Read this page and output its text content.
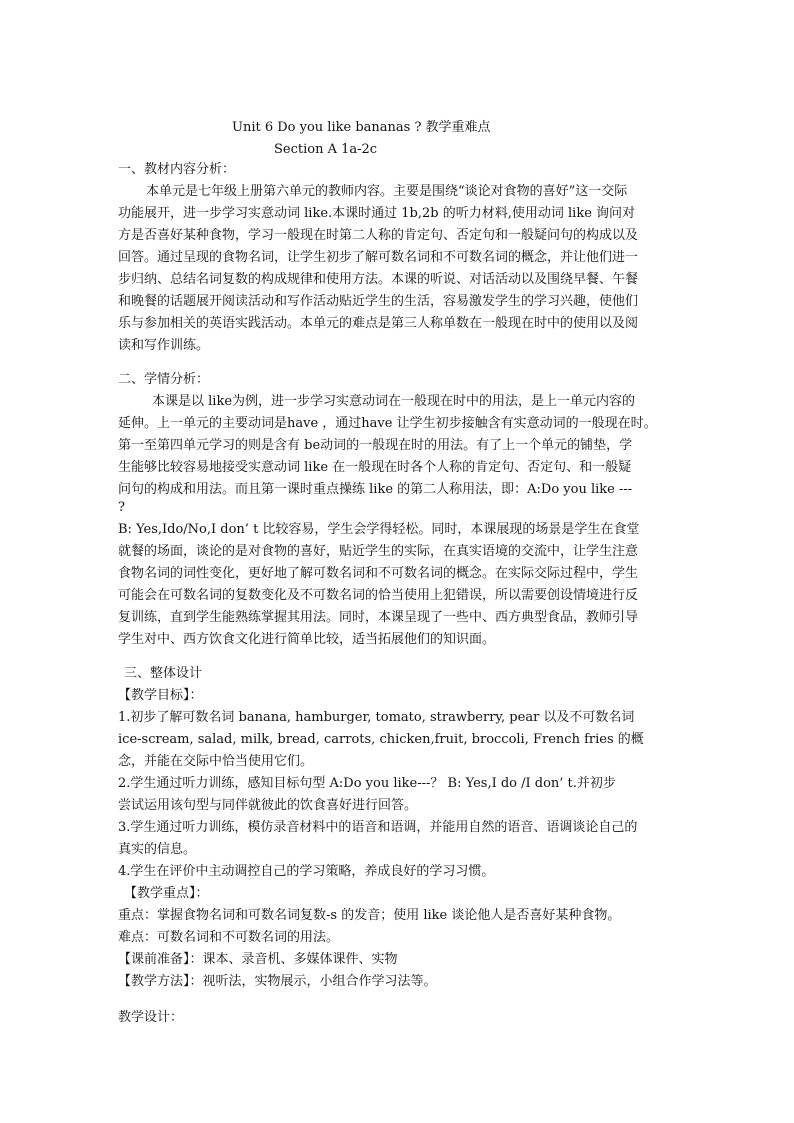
Unit 6 Do you like bananas ? 教学重难点
Section A 1a-2c
一、教材内容分析：
本单元是七年级上册第六单元的教师内容。主要是围绕“谈论对食物的喜好”这一交际
功能展开，进一步学习实意动词 like.本课时通过 1b,2b 的听力材料,使用动词 like 询问对
方是否喜好某种食物，学习一般现在时第二人称的肯定句、否定句和一般疑问句的构成以及
回答。通过呈现的食物名词，让学生初步了解可数名词和不可数名词的概念，并让他们进一
步归纳、总结名词复数的构成规律和使用方法。本课的听说、对话活动以及围绕早餐、午餐
和晚餐的话题展开阅读活动和写作活动贴近学生的生活，容易激发学生的学习兴趣，使他们
乐与参加相关的英语实践活动。本单元的难点是第三人称单数在一般现在时中的使用以及阅
读和写作训练。
二、学情分析：
本课是以 like为例，进一步学习实意动词在一般现在时中的用法，是上一单元内容的
延伸。上一单元的主要动词是have ，通过have 让学生初步接触含有实意动词的一般现在时。
第一至第四单元学习的则是含有 be动词的一般现在时的用法。有了上一个单元的铺垫，学
生能够比较容易地接受实意动词 like 在一般现在时各个人称的肯定句、否定句、和一般疑
问句的构成和用法。而且第一课时重点操练 like 的第二人称用法，即：A:Do you like ---
?
B: Yes,Ido/No,I don’ t 比较容易，学生会学得轻松。同时，本课展现的场景是学生在食堂
就餐的场面，谈论的是对食物的喜好，贴近学生的实际，在真实语境的交流中，让学生注意
食物名词的词性变化，更好地了解可数名词和不可数名词的概念。在实际交际过程中，学生
可能会在可数名词的复数变化及不可数名词的恰当使用上犯错误，所以需要创设情境进行反
复训练，直到学生能熟练掌握其用法。同时，本课呈现了一些中、西方典型食品，教师引导
学生对中、西方饮食文化进行简单比较，适当拓展他们的知识面。
三、整体设计
【教学目标】：
1.初步了解可数名词 banana, hamburger, tomato, strawberry, pear 以及不可数名词
ice-scream, salad, milk, bread, carrots, chicken,fruit, broccoli, French fries 的概
念，并能在交际中恰当使用它们。
2.学生通过听力训练，感知目标句型 A:Do you like---？ B: Yes,I do /I don’ t.并初步
尝试运用该句型与同伴就彼此的饮食喜好进行回答。
3.学生通过听力训练，模仿录音材料中的语音和语调，并能用自然的语音、语调谈论自己的
真实的信息。
4.学生在评价中主动调控自己的学习策略，养成良好的学习习惯。
【教学重点】：
重点：掌握食物名词和可数名词复数-s 的发音；使用 like 谈论他人是否喜好某种食物。
难点：可数名词和不可数名词的用法。
【课前准备】：课本、录音机、多媒体课件、实物
【教学方法】：视听法，实物展示，小组合作学习法等。
教学设计：
